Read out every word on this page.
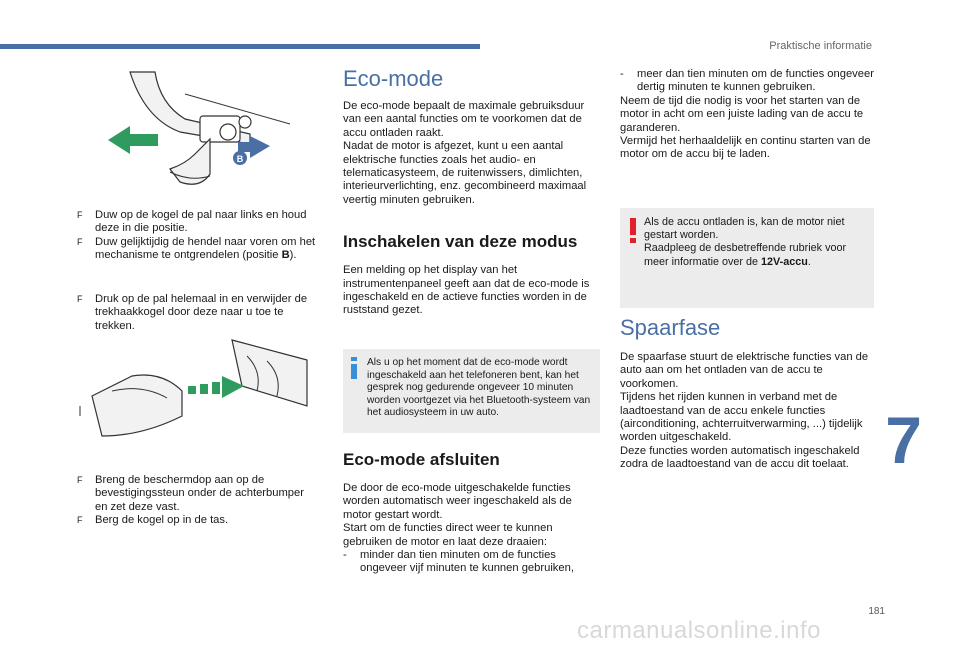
Praktische informatie
B
F	Duw op de kogel de pal naar links en houd deze in die positie.
F	Duw gelijktijdig de hendel naar voren om het mechanisme te ontgrendelen (positie B).
F	Druk op de pal helemaal in en verwijder de trekhaakkogel door deze naar u toe te trekken.
F	Breng de beschermdop aan op de bevestigingssteun onder de achterbumper en zet deze vast.
F	Berg de kogel op in de tas.
Eco-mode

De eco-mode bepaalt de maximale gebruiksduur van een aantal functies om te voorkomen dat de accu ontladen raakt.
Nadat de motor is afgezet, kunt u een aantal elektrische functies zoals het audio- en telematicasysteem, de ruitenwissers, dimlichten, interieurverlichting, enz. gecombineerd maximaal veertig minuten gebruiken.

Inschakelen van deze modus

Een melding op het display van het instrumentenpaneel geeft aan dat de eco-mode is ingeschakeld en de actieve functies worden in de ruststand gezet.

Als u op het moment dat de eco-mode wordt ingeschakeld aan het telefoneren bent, kan het gesprek nog gedurende ongeveer 10 minuten worden voortgezet via het Bluetooth-systeem van het audiosysteem in uw auto.
Eco-mode afsluiten

De door de eco-mode uitgeschakelde functies worden automatisch weer ingeschakeld als de motor gestart wordt.
Start om de functies direct weer te kunnen gebruiken de motor en laat deze draaien:

-	minder dan tien minuten om de functies ongeveer vijf minuten te kunnen gebruiken,
-	meer dan tien minuten om de functies ongeveer dertig minuten te kunnen gebruiken.

Neem de tijd die nodig is voor het starten van de motor in acht om een juiste lading van de accu te garanderen.
Vermijd het herhaaldelijk en continu starten van de motor om de accu bij te laden.

Als de accu ontladen is, kan de motor niet gestart worden.
Raadpleeg de desbetreffende rubriek voor meer informatie over de 12V-accu.
Spaarfase

De spaarfase stuurt de elektrische functies van de auto aan om het ontladen van de accu te voorkomen.
Tijdens het rijden kunnen in verband met de laadtoestand van de accu enkele functies (airconditioning, achterruitverwarming, ...) tijdelijk worden uitgeschakeld.
Deze functies worden automatisch ingeschakeld zodra de laadtoestand van de accu dit toelaat. 7
181
carmanualsonline.info
